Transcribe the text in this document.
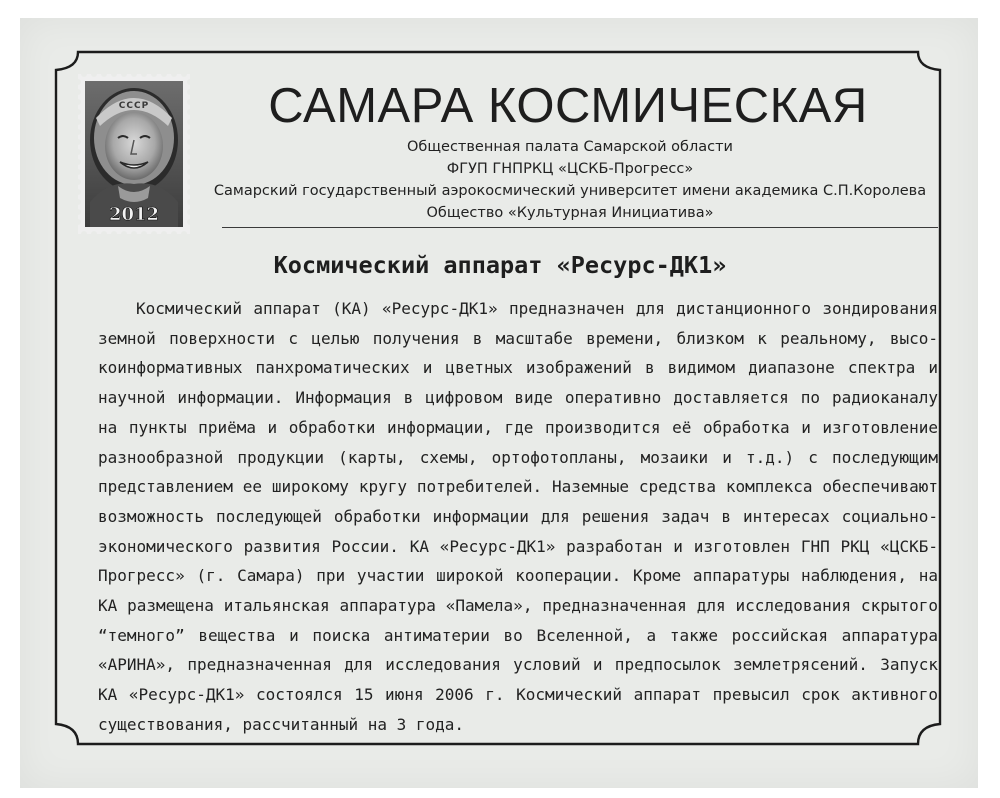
СССР
2012
САМАРА КОСМИЧЕСКАЯ
Общественная палата Самарской области
ФГУП ГНПРКЦ «ЦСКБ-Прогресс»
Самарский государственный аэрокосмический университет имени академика С.П.Королева
Общество «Культурная Инициатива»
Космический аппарат «Ресурс-ДК1»
Космический аппарат (КА) «Ресурс-ДК1» предназначен для дистанционного зондирования
земной поверхности с целью получения в масштабе времени, близком к реальному, высо-
коинформативных панхроматических и цветных изображений в видимом диапазоне спектра и
научной информации. Информация в цифровом виде оперативно доставляется по радиоканалу
на пункты приёма и обработки информации, где производится её обработка и изготовление
разнообразной продукции (карты, схемы, ортофотопланы, мозаики и т.д.) с последующим
представлением ее широкому кругу потребителей. Наземные средства комплекса обеспечивают
возможность последующей обработки информации для решения задач в интересах социально-
экономического развития России. КА «Ресурс-ДК1» разработан и изготовлен ГНП РКЦ «ЦСКБ-
Прогресс» (г. Самара) при участии широкой кооперации. Кроме аппаратуры наблюдения, на
КА размещена итальянская аппаратура «Памела», предназначенная для исследования скрытого
“темного” вещества и поиска антиматерии во Вселенной, а также российская аппаратура
«АРИНА», предназначенная для исследования условий и предпосылок землетрясений. Запуск
КА «Ресурс-ДК1» состоялся 15 июня 2006 г. Космический аппарат превысил срок активного
существования, рассчитанный на 3 года.
